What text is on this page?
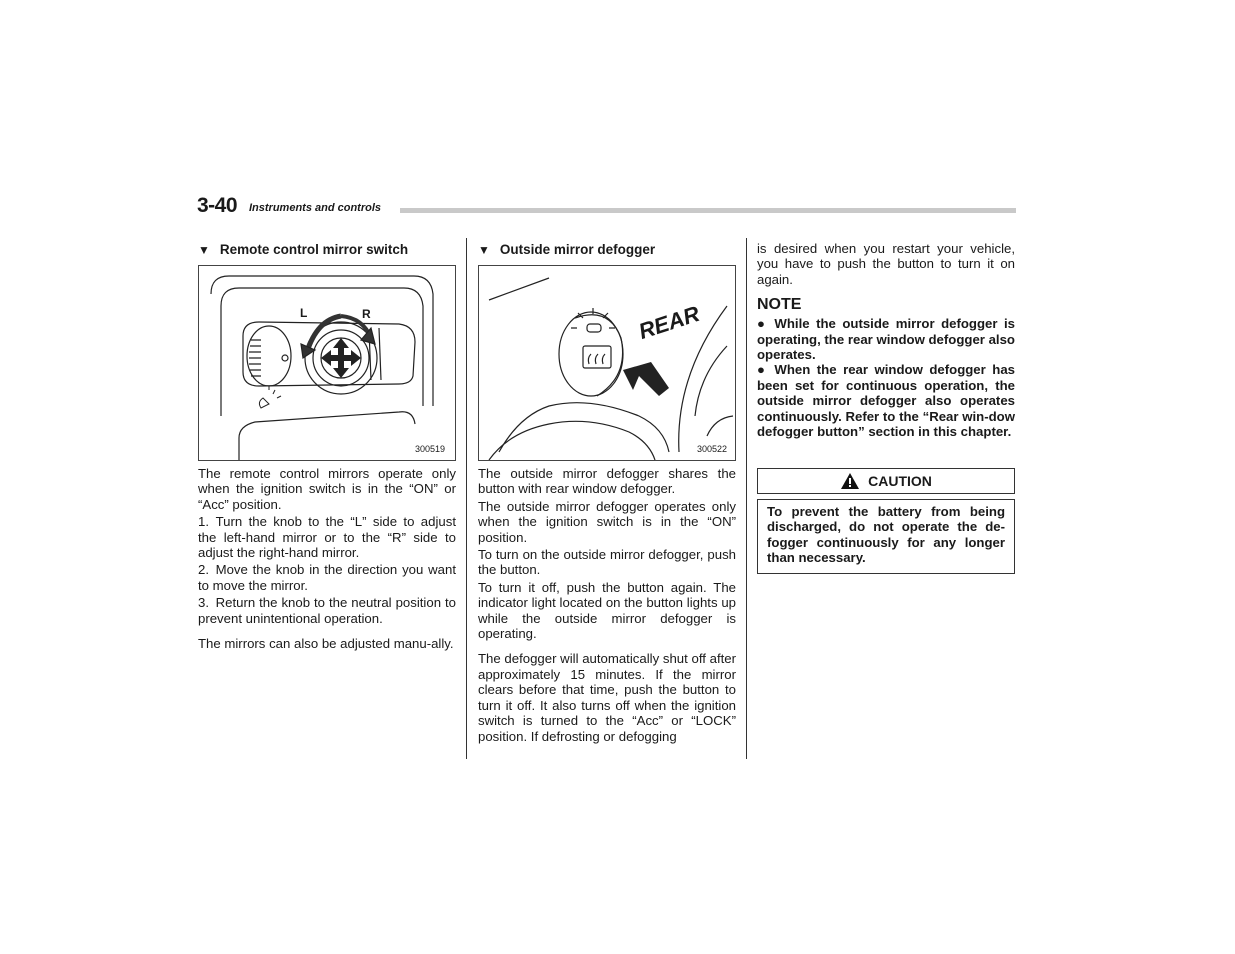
3-40 Instruments and controls
▼ Remote control mirror switch
L	R
300519

The remote control mirrors operate only when the ignition switch is in the “ON” or “Acc” position.

1. Turn the knob to the “L” side to adjust the left-hand mirror or to the “R” side to adjust the right-hand mirror.

2. Move the knob in the direction you want to move the mirror.

3. Return the knob to the neutral position to prevent unintentional operation.

The mirrors can also be adjusted manu-ally.

▼ Outside mirror defogger
REAR
300522

The outside mirror defogger shares the button with rear window defogger.

The outside mirror defogger operates only when the ignition switch is in the “ON” position.

To turn on the outside mirror defogger, push the button.

To turn it off, push the button again. The indicator light located on the button lights up while the outside mirror defogger is operating.

The defogger will automatically shut off after approximately 15 minutes. If the mirror clears before that time, push the button to turn it off. It also turns off when the ignition switch is turned to the “Acc” or “LOCK” position. If defrosting or defogging

is desired when you restart your vehicle, you have to push the button to turn it on again.

NOTE

● While the outside mirror defogger is operating, the rear window defogger also operates.

● When the rear window defogger has been set for continuous operation, the outside mirror defogger also operates continuously. Refer to the “Rear win-dow defogger button” section in this chapter.

CAUTION
To prevent the battery from being discharged, do not operate the de-fogger continuously for any longer than necessary.
